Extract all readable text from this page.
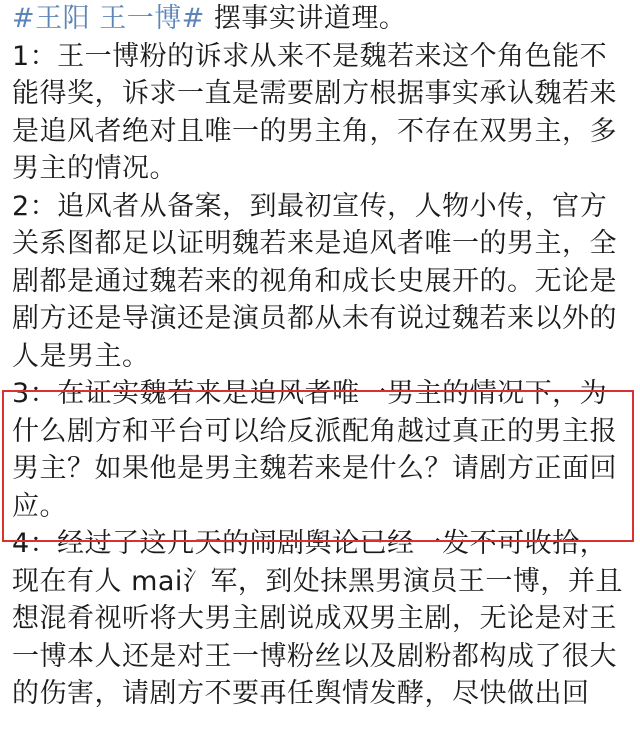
#王阳 王一博# 摆事实讲道理。
1：王一博粉的诉求从来不是魏若来这个角色能不
能得奖，诉求一直是需要剧方根据事实承认魏若来
是追风者绝对且唯一的男主角，不存在双男主，多
男主的情况。
2：追风者从备案，到最初宣传，人物小传，官方
关系图都足以证明魏若来是追风者唯一的男主，全
剧都是通过魏若来的视角和成长史展开的。无论是
剧方还是导演还是演员都从未有说过魏若来以外的
人是男主。
3：在证实魏若来是追风者唯一男主的情况下，为
什么剧方和平台可以给反派配角越过真正的男主报
男主？如果他是男主魏若来是什么？请剧方正面回
应。
4：经过了这几天的闹剧舆论已经一发不可收拾，
现在有人 mai氵军，到处抹黑男演员王一博，并且
想混肴视听将大男主剧说成双男主剧，无论是对王
一博本人还是对王一博粉丝以及剧粉都构成了很大
的伤害，请剧方不要再任舆情发酵，尽快做出回
